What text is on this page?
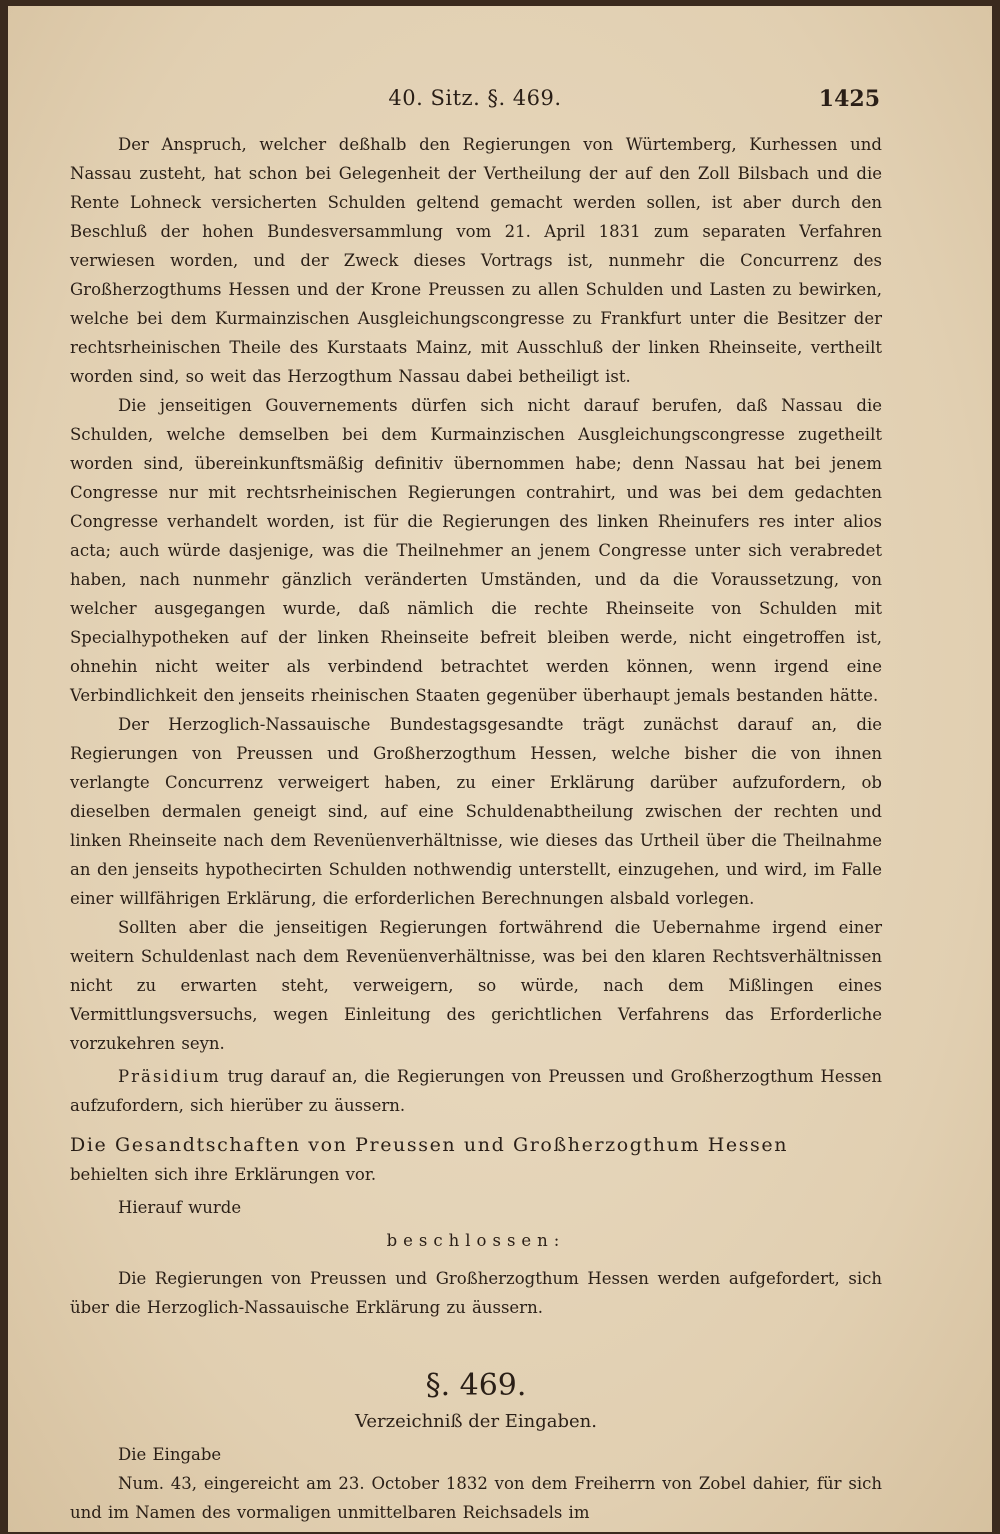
40. Sitz. §. 469.	1425

Der Anspruch, welcher deßhalb den Regierungen von Würtemberg, Kurhessen und Nassau zusteht, hat schon bei Gelegenheit der Vertheilung der auf den Zoll Bilsbach und die Rente Lohneck versicherten Schulden geltend gemacht werden sollen, ist aber durch den Beschluß der hohen Bundesversammlung vom 21. April 1831 zum separaten Verfahren verwiesen worden, und der Zweck dieses Vortrags ist, nunmehr die Concurrenz des Großherzogthums Hessen und der Krone Preussen zu allen Schulden und Lasten zu bewirken, welche bei dem Kurmainzischen Ausgleichungscongresse zu Frankfurt unter die Besitzer der rechtsrheinischen Theile des Kurstaats Mainz, mit Ausschluß der linken Rheinseite, vertheilt worden sind, so weit das Herzogthum Nassau dabei betheiligt ist.

Die jenseitigen Gouvernements dürfen sich nicht darauf berufen, daß Nassau die Schulden, welche demselben bei dem Kurmainzischen Ausgleichungscongresse zugetheilt worden sind, übereinkunftsmäßig definitiv übernommen habe; denn Nassau hat bei jenem Congresse nur mit rechtsrheinischen Regierungen contrahirt, und was bei dem gedachten Congresse verhandelt worden, ist für die Regierungen des linken Rheinufers res inter alios acta; auch würde dasjenige, was die Theilnehmer an jenem Congresse unter sich verabredet haben, nach nunmehr gänzlich veränderten Umständen, und da die Voraussetzung, von welcher ausgegangen wurde, daß nämlich die rechte Rheinseite von Schulden mit Specialhypotheken auf der linken Rheinseite befreit bleiben werde, nicht eingetroffen ist, ohnehin nicht weiter als verbindend betrachtet werden können, wenn irgend eine Verbindlichkeit den jenseits rheinischen Staaten gegenüber überhaupt jemals bestanden hätte.

Der Herzoglich-Nassauische Bundestagsgesandte trägt zunächst darauf an, die Regierungen von Preussen und Großherzogthum Hessen, welche bisher die von ihnen verlangte Concurrenz verweigert haben, zu einer Erklärung darüber aufzufordern, ob dieselben dermalen geneigt sind, auf eine Schuldenabtheilung zwischen der rechten und linken Rheinseite nach dem Revenüenverhältnisse, wie dieses das Urtheil über die Theilnahme an den jenseits hypothecirten Schulden nothwendig unterstellt, einzugehen, und wird, im Falle einer willfährigen Erklärung, die erforderlichen Berechnungen alsbald vorlegen.

Sollten aber die jenseitigen Regierungen fortwährend die Uebernahme irgend einer weitern Schuldenlast nach dem Revenüenverhältnisse, was bei den klaren Rechtsverhältnissen nicht zu erwarten steht, verweigern, so würde, nach dem Mißlingen eines Vermittlungsversuchs, wegen Einleitung des gerichtlichen Verfahrens das Erforderliche vorzukehren seyn.

Präsidium trug darauf an, die Regierungen von Preussen und Großherzogthum Hessen aufzufordern, sich hierüber zu äussern.

Die Gesandtschaften von Preussen und Großherzogthum Hessen

behielten sich ihre Erklärungen vor.

Hierauf wurde

beschlossen:

Die Regierungen von Preussen und Großherzogthum Hessen werden aufgefordert, sich über die Herzoglich-Nassauische Erklärung zu äussern.

§. 469.
Verzeichniß der Eingaben.

Die Eingabe

Num. 43, eingereicht am 23. October 1832 von dem Freiherrn von Zobel dahier, für sich und im Namen des vormaligen unmittelbaren Reichsadels im
